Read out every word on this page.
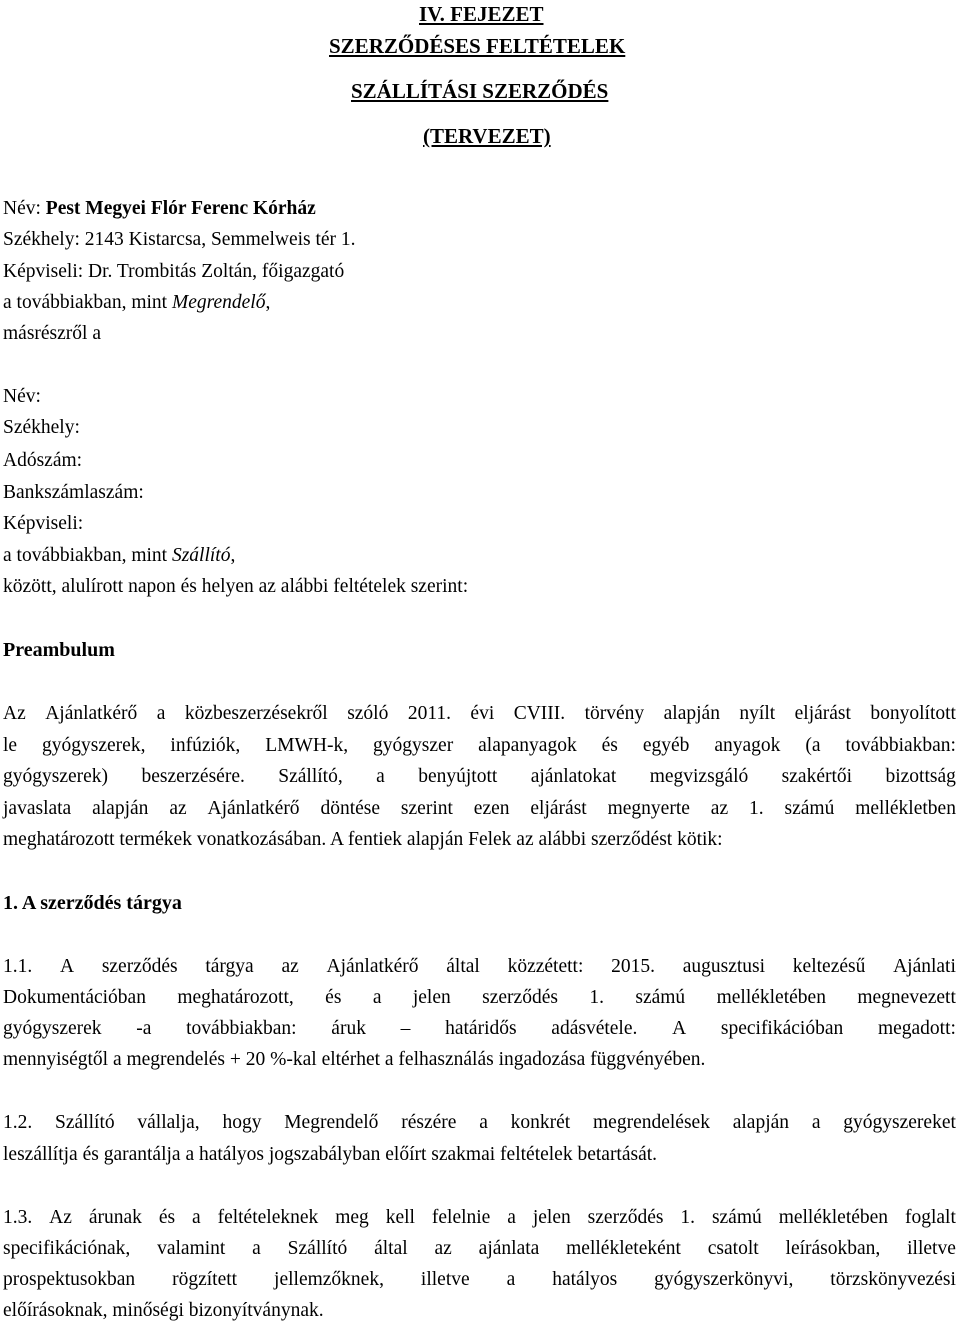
IV. FEJEZET
SZERZŐDÉSES FELTÉTELEK
SZÁLLÍTÁSI SZERZŐDÉS
(TERVEZET)
Név: Pest Megyei Flór Ferenc Kórház
Székhely: 2143 Kistarcsa, Semmelweis tér 1.
Képviseli: Dr. Trombitás Zoltán, főigazgató
a továbbiakban, mint Megrendelő,
másrészről a
Név:
Székhely:
Adószám:
Bankszámlaszám:
Képviseli:
a továbbiakban, mint Szállító,
között, alulírott napon és helyen az alábbi feltételek szerint:
Preambulum
Az Ajánlatkérő a közbeszerzésekről szóló 2011. évi CVIII. törvény alapján nyílt eljárást bonyolított
le gyógyszerek, infúziók, LMWH-k, gyógyszer alapanyagok és egyéb anyagok (a továbbiakban:
gyógyszerek) beszerzésére. Szállító, a benyújtott ajánlatokat megvizsgáló szakértői bizottság
javaslata alapján az Ajánlatkérő döntése szerint ezen eljárást megnyerte az 1. számú mellékletben
meghatározott termékek vonatkozásában. A fentiek alapján Felek az alábbi szerződést kötik:
1. A szerződés tárgya
1.1. A szerződés tárgya az Ajánlatkérő által közzétett: 2015. augusztusi keltezésű Ajánlati
Dokumentációban meghatározott, és a jelen szerződés 1. számú mellékletében megnevezett
gyógyszerek -a továbbiakban: áruk – határidős adásvétele. A specifikációban megadott:
mennyiségtől a megrendelés + 20 %-kal eltérhet a felhasználás ingadozása függvényében.
1.2. Szállító vállalja, hogy Megrendelő részére a konkrét megrendelések alapján a gyógyszereket
leszállítja és garantálja a hatályos jogszabályban előírt szakmai feltételek betartását.
1.3. Az árunak és a feltételeknek meg kell felelnie a jelen szerződés 1. számú mellékletében foglalt
specifikációnak, valamint a Szállító által az ajánlata mellékleteként csatolt leírásokban, illetve
prospektusokban rögzített jellemzőknek, illetve a hatályos gyógyszerkönyvi, törzskönyvezési
előírásoknak, minőségi bizonyítványnak.
